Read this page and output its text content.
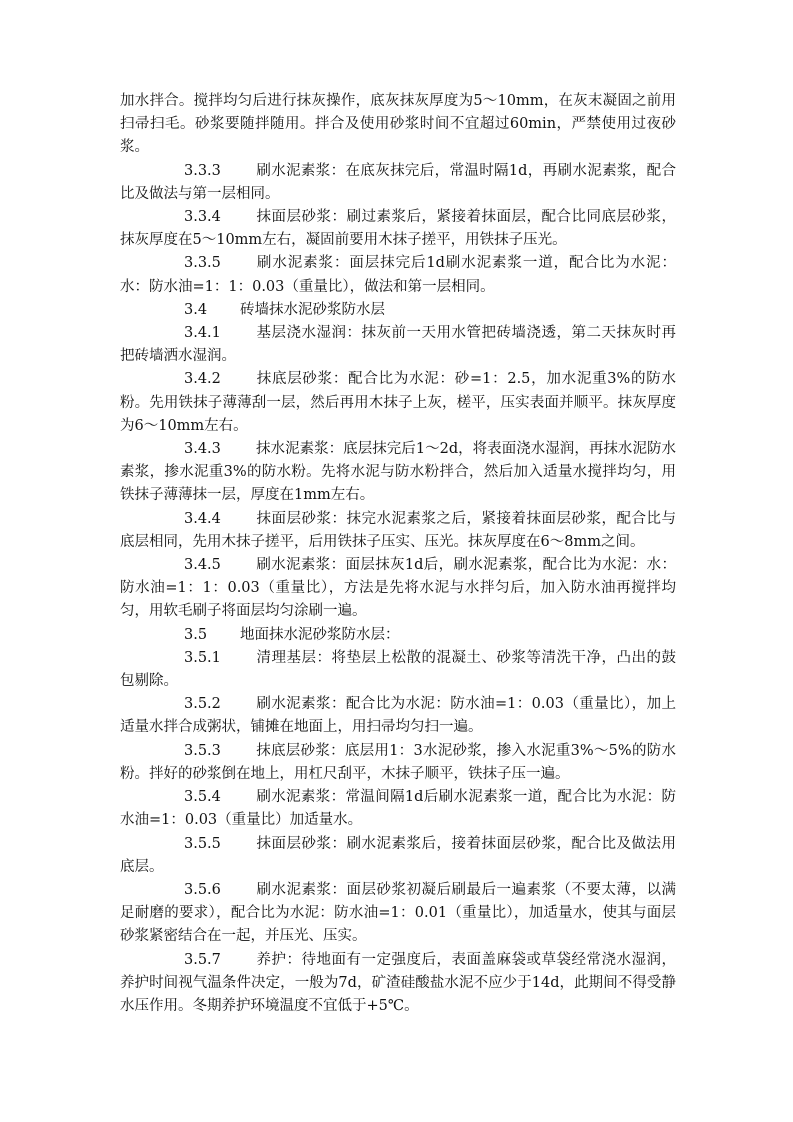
加水拌合。搅拌均匀后进行抹灰操作，底灰抹灰厚度为5～10mm，在灰末凝固之前用扫帚扫毛。砂浆要随拌随用。拌合及使用砂浆时间不宜超过60min，严禁使用过夜砂浆。

3.3.3 刷水泥素浆：在底灰抹完后，常温时隔1d，再刷水泥素浆，配合比及做法与第一层相同。

3.3.4 抹面层砂浆：刷过素浆后，紧接着抹面层，配合比同底层砂浆，抹灰厚度在5～10mm左右，凝固前要用木抹子搓平，用铁抹子压光。

3.3.5 刷水泥素浆：面层抹完后1d刷水泥素浆一道，配合比为水泥：水：防水油=1：1：0.03（重量比），做法和第一层相同。

3.4 砖墙抹水泥砂浆防水层

3.4.1 基层浇水湿润：抹灰前一天用水管把砖墙浇透，第二天抹灰时再把砖墙洒水湿润。

3.4.2 抹底层砂浆：配合比为水泥：砂=1：2.5，加水泥重3%的防水粉。先用铁抹子薄薄刮一层，然后再用木抹子上灰，槎平，压实表面并顺平。抹灰厚度为6～10mm左右。

3.4.3 抹水泥素浆：底层抹完后1～2d，将表面浇水湿润，再抹水泥防水素浆，掺水泥重3%的防水粉。先将水泥与防水粉拌合，然后加入适量水搅拌均匀，用铁抹子薄薄抹一层，厚度在1mm左右。

3.4.4 抹面层砂浆：抹完水泥素浆之后，紧接着抹面层砂浆，配合比与底层相同，先用木抹子搓平，后用铁抹子压实、压光。抹灰厚度在6～8mm之间。

3.4.5 刷水泥素浆：面层抹灰1d后，刷水泥素浆，配合比为水泥：水：防水油=1：1：0.03（重量比），方法是先将水泥与水拌匀后，加入防水油再搅拌均匀，用软毛刷子将面层均匀涂刷一遍。

3.5 地面抹水泥砂浆防水层：

3.5.1 清理基层：将垫层上松散的混凝土、砂浆等清洗干净，凸出的鼓包剔除。

3.5.2 刷水泥素浆：配合比为水泥：防水油=1：0.03（重量比），加上适量水拌合成粥状，铺摊在地面上，用扫帚均匀扫一遍。

3.5.3 抹底层砂浆：底层用1：3水泥砂浆，掺入水泥重3%～5%的防水粉。拌好的砂浆倒在地上，用杠尺刮平，木抹子顺平，铁抹子压一遍。

3.5.4 刷水泥素浆：常温间隔1d后刷水泥素浆一道，配合比为水泥：防水油=1：0.03（重量比）加适量水。

3.5.5 抹面层砂浆：刷水泥素浆后，接着抹面层砂浆，配合比及做法用底层。

3.5.6 刷水泥素浆：面层砂浆初凝后刷最后一遍素浆（不要太薄，以满足耐磨的要求），配合比为水泥：防水油=1：0.01（重量比），加适量水，使其与面层砂浆紧密结合在一起，并压光、压实。

3.5.7 养护：待地面有一定强度后，表面盖麻袋或草袋经常浇水湿润，养护时间视气温条件决定，一般为7d，矿渣硅酸盐水泥不应少于14d，此期间不得受静水压作用。冬期养护环境温度不宜低于+5℃。
